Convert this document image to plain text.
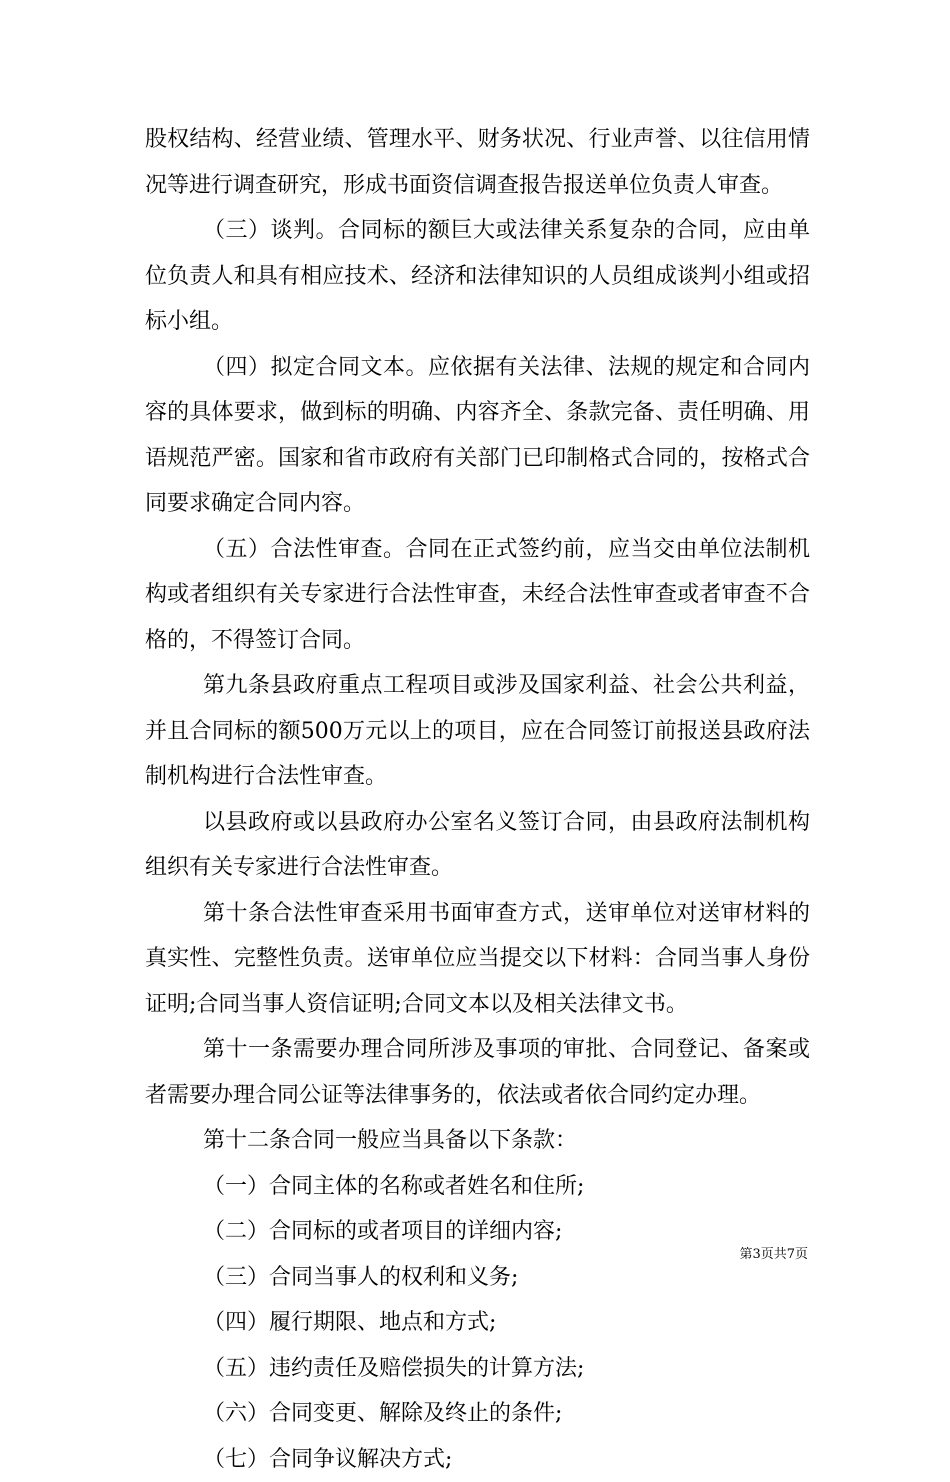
股权结构、经营业绩、管理水平、财务状况、行业声誉、以往信用情况等进行调查研究，形成书面资信调查报告报送单位负责人审查。

（三）谈判。合同标的额巨大或法律关系复杂的合同，应由单位负责人和具有相应技术、经济和法律知识的人员组成谈判小组或招标小组。

（四）拟定合同文本。应依据有关法律、法规的规定和合同内容的具体要求，做到标的明确、内容齐全、条款完备、责任明确、用语规范严密。国家和省市政府有关部门已印制格式合同的，按格式合同要求确定合同内容。

（五）合法性审查。合同在正式签约前，应当交由单位法制机构或者组织有关专家进行合法性审查，未经合法性审查或者审查不合格的，不得签订合同。

第九条县政府重点工程项目或涉及国家利益、社会公共利益，并且合同标的额500万元以上的项目，应在合同签订前报送县政府法制机构进行合法性审查。

以县政府或以县政府办公室名义签订合同，由县政府法制机构组织有关专家进行合法性审查。

第十条合法性审查采用书面审查方式，送审单位对送审材料的真实性、完整性负责。送审单位应当提交以下材料：合同当事人身份证明;合同当事人资信证明;合同文本以及相关法律文书。

第十一条需要办理合同所涉及事项的审批、合同登记、备案或者需要办理合同公证等法律事务的，依法或者依合同约定办理。

第十二条合同一般应当具备以下条款：

（一）合同主体的名称或者姓名和住所;

（二）合同标的或者项目的详细内容;

（三）合同当事人的权利和义务;

（四）履行期限、地点和方式;

（五）违约责任及赔偿损失的计算方法;

（六）合同变更、解除及终止的条件;

（七）合同争议解决方式;

第3页共7页
